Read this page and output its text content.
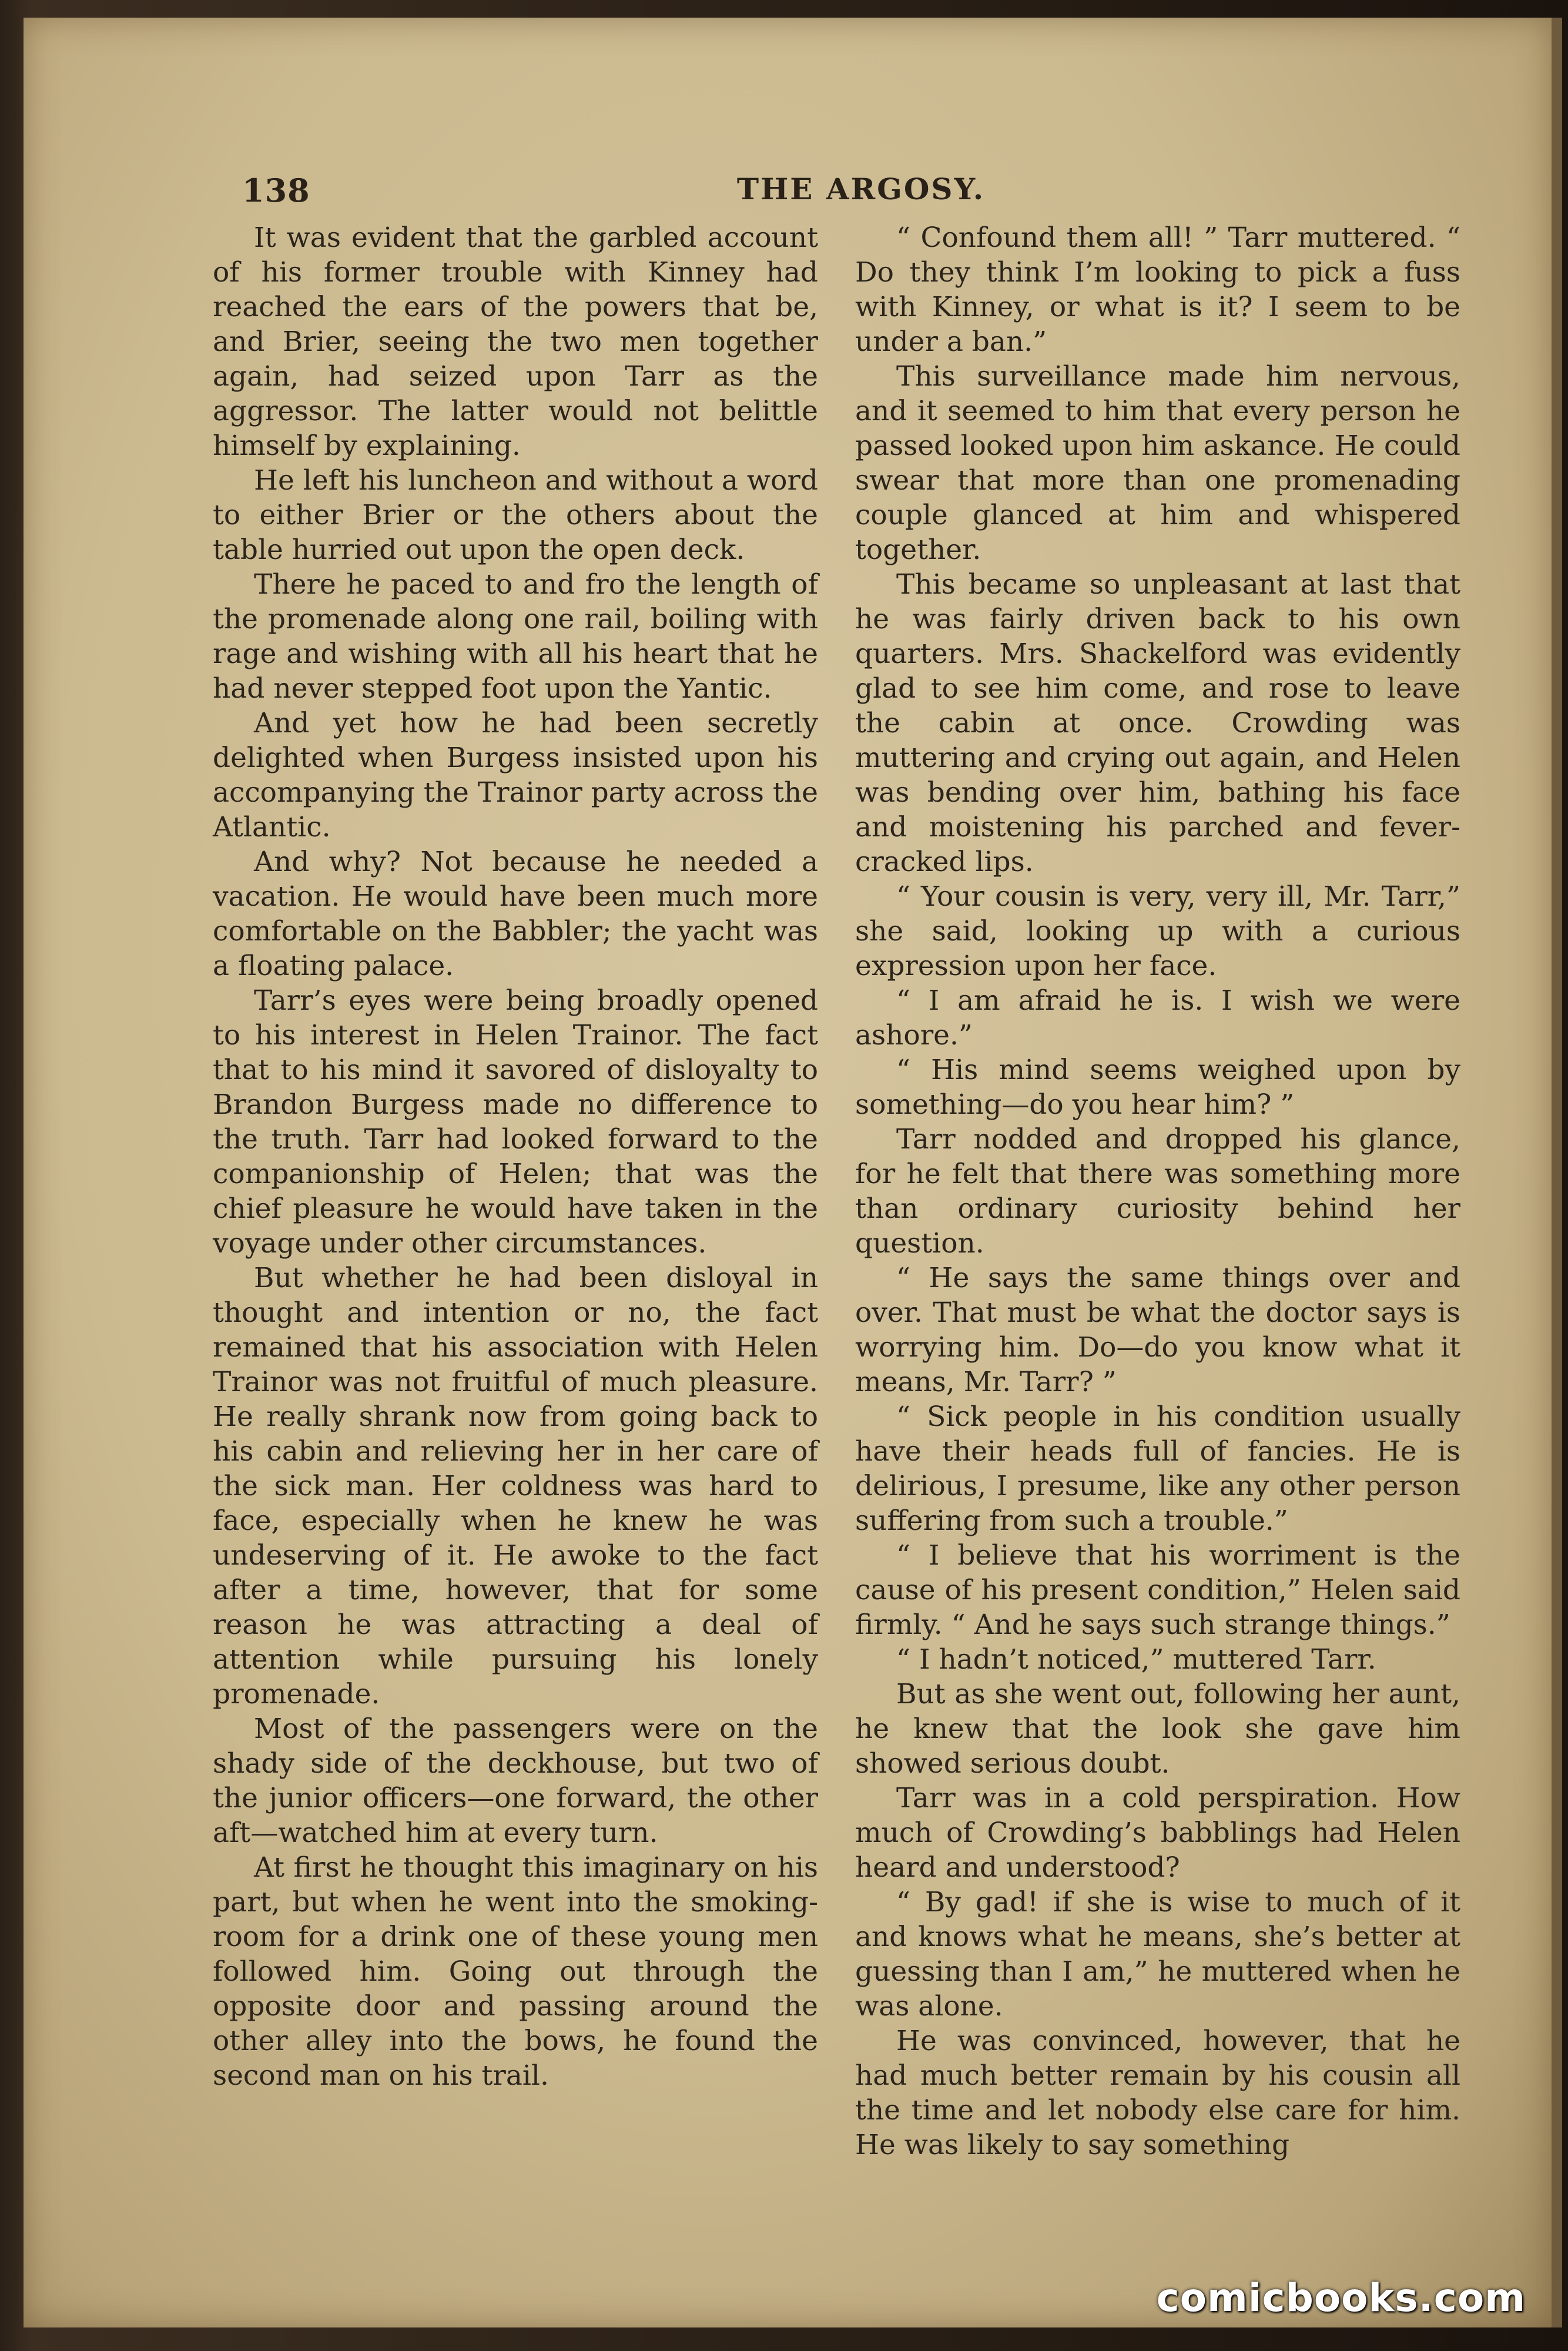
138	THE ARGOSY.

It was evident that the garbled account of his former trouble with Kinney had reached the ears of the powers that be, and Brier, seeing the two men together again, had seized upon Tarr as the aggressor. The latter would not belittle himself by explaining.

He left his luncheon and without a word to either Brier or the others about the table hurried out upon the open deck.

There he paced to and fro the length of the promenade along one rail, boiling with rage and wishing with all his heart that he had never stepped foot upon the Yantic.

And yet how he had been secretly delighted when Burgess insisted upon his accompanying the Trainor party across the Atlantic.

And why? Not because he needed a vacation. He would have been much more comfortable on the Babbler; the yacht was a floating palace.

Tarr’s eyes were being broadly opened to his interest in Helen Trainor. The fact that to his mind it savored of disloyalty to Brandon Burgess made no difference to the truth. Tarr had looked forward to the companionship of Helen; that was the chief pleasure he would have taken in the voyage under other circumstances.

But whether he had been disloyal in thought and intention or no, the fact remained that his association with Helen Trainor was not fruitful of much pleasure. He really shrank now from going back to his cabin and relieving her in her care of the sick man. Her coldness was hard to face, especially when he knew he was undeserving of it. He awoke to the fact after a time, however, that for some reason he was attracting a deal of attention while pursuing his lonely promenade.

Most of the passengers were on the shady side of the deckhouse, but two of the junior officers—one forward, the other aft—watched him at every turn.

At first he thought this imaginary on his part, but when he went into the smoking-room for a drink one of these young men followed him. Going out through the opposite door and passing around the other alley into the bows, he found the second man on his trail.

“ Confound them all! ” Tarr muttered. “ Do they think I’m looking to pick a fuss with Kinney, or what is it? I seem to be under a ban.”

This surveillance made him nervous, and it seemed to him that every person he passed looked upon him askance. He could swear that more than one promenading couple glanced at him and whispered together.

This became so unpleasant at last that he was fairly driven back to his own quarters. Mrs. Shackelford was evidently glad to see him come, and rose to leave the cabin at once. Crowding was muttering and crying out again, and Helen was bending over him, bathing his face and moistening his parched and fever-cracked lips.

“ Your cousin is very, very ill, Mr. Tarr,” she said, looking up with a curious expression upon her face.

“ I am afraid he is. I wish we were ashore.”

“ His mind seems weighed upon by something—do you hear him? ”

Tarr nodded and dropped his glance, for he felt that there was something more than ordinary curiosity behind her question.

“ He says the same things over and over. That must be what the doctor says is worrying him. Do—do you know what it means, Mr. Tarr? ”

“ Sick people in his condition usually have their heads full of fancies. He is delirious, I presume, like any other person suffering from such a trouble.”

“ I believe that his worriment is the cause of his present condition,” Helen said firmly. “ And he says such strange things.”

“ I hadn’t noticed,” muttered Tarr.

But as she went out, following her aunt, he knew that the look she gave him showed serious doubt.

Tarr was in a cold perspiration. How much of Crowding’s babblings had Helen heard and understood?

“ By gad! if she is wise to much of it and knows what he means, she’s better at guessing than I am,” he muttered when he was alone.

He was convinced, however, that he had much better remain by his cousin all the time and let nobody else care for him. He was likely to say something

comicbooks.com
